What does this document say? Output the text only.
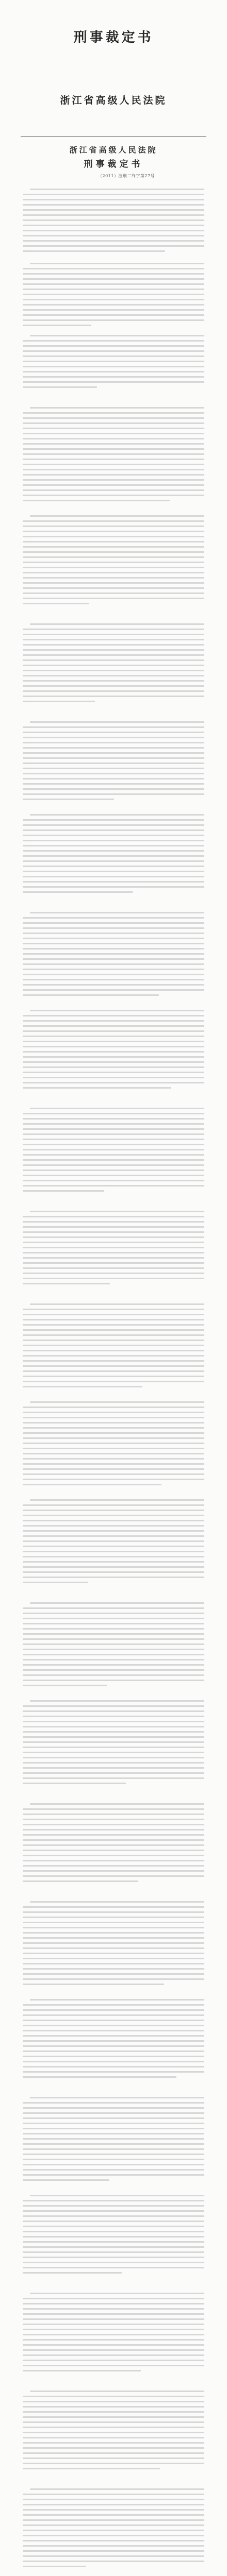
刑事裁定书
浙江省高级人民法院
浙江省高级人民法院
刑事裁定书
（2011）浙刑二终字第27号
